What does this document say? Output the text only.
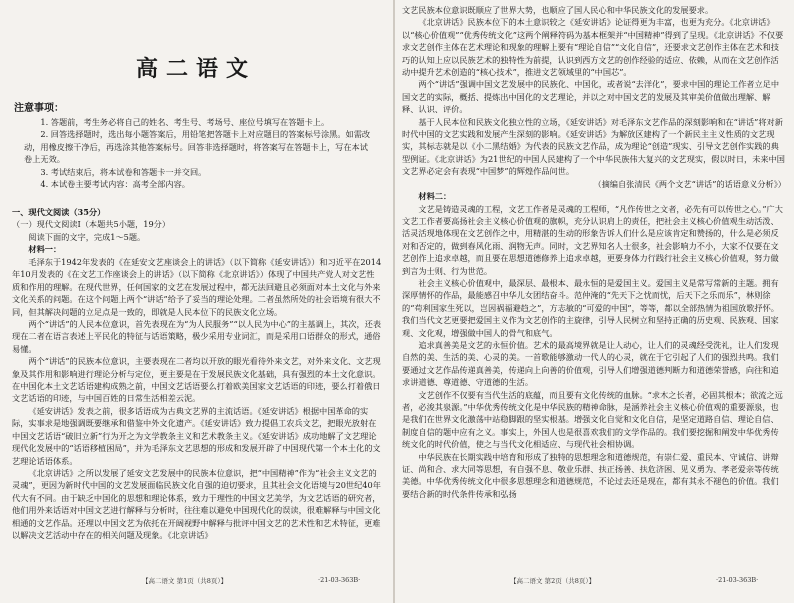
高二语文
注意事项：

1. 答题前，考生务必将自己的姓名、考生号、考场号、座位号填写在答题卡上。

2. 回答选择题时，选出每小题答案后，用铅笔把答题卡上对应题目的答案标号涂黑。如需改动，用橡皮擦干净后，再选涂其他答案标号。回答非选择题时，将答案写在答题卡上，写在本试卷上无效。

3. 考试结束后，将本试卷和答题卡一并交回。

4. 本试卷主要考试内容：高考全部内容。

一、现代文阅读（35分）

（一）现代文阅读Ⅰ（本题共5小题，19分）

阅读下面的文字，完成1～5题。

材料一：

毛泽东于1942年发表的《在延安文艺座谈会上的讲话》（以下简称《延安讲话》）和习近平在2014年10月发表的《在文艺工作座谈会上的讲话》（以下简称《北京讲话》）体现了中国共产党人对文艺性质和作用的理解。在现代世界，任何国家的文艺在发展过程中，都无法回避且必须面对本土文化与外来文化关系的问题。在这个问题上两个“讲话”给予了妥当的理论处理。二者虽然所处的社会语境有很大不同，但其解决问题的立足点是一致的，即就是人民本位下的民族文化立场。

两个“讲话”的人民本位意识，首先表现在为“为人民服务”“以人民为中心”的主基调上，其次，还表现在二者在语言表述上平民化的特征与话语策略，极少采用专业词汇，而是采用口语群众的形式，通俗易懂。

两个“讲话”的民族本位意识，主要表现在二者均以开放的眼光看待外来文艺，对外来文化、文艺现象及其作用和影响进行理论分析与定位，更主要是在于发展民族文化基础，具有强烈的本土文化意识。在中国化本土文艺话语建构成熟之前，中国文艺话语要么打着欧美国家文艺话语的印迹，要么打着俄日文艺话语的印迹，与中国百姓的日常生活相差云泥。

《延安讲话》发表之前，很多话语成为古典文艺界的主流话语。《延安讲话》根据中国革命的实际，实事求是地强调既要继承和借鉴中外文化遗产。《延安讲话》致力提倡工农兵文艺，把眼光放射在中国文艺话语“破旧立新”行为开之为文学教条主义和艺术教条主义。《延安讲话》成功地解了文艺理论现代化发展中的“话语移植困局”，并为毛泽东文艺思想的形成和发展开辟了中国现代第一个本土化的文艺理论话语体系。

《北京讲话》之所以发展了延安文艺发展中的民族本位意识，把“中国精神”作为“社会主义文艺的灵魂”，更因为新时代中国的文艺发展面临民族文化自强的迫切要求，且其社会文化语境与20世纪40年代大有不同。由于缺乏中国化的思想和理论体系，致力于理性的中国文艺美学，为文艺话语的研究者，他们用外来话语对中国文艺进行解释与分析时，往往难以避免中国现代化的误读，很难解释与中国文化相通的文艺作品。还理以中国文艺为依托在开阔视野中解释与批评中国文艺的艺术性和艺术特征，更难以解决文艺活动中存在的相关问题及现象。《北京讲话》

【高二语文 第1页（共8页）】	·21-03-363B·

文艺民族本位意识既顺应了世界大势，也顺应了国人民心和中华民族文化的发展要求。

《北京讲话》民族本位下的本土意识较之《延安讲话》论证得更为丰富，也更为充分。《北京讲话》以“核心价值观”“优秀传统文化”这两个阐释符码为基本框架并“中国精神”得到了呈现。《北京讲话》不仅要求文艺创作主体在艺术理论和现象的理解上要有“理论自信”“文化自信”，还要求文艺创作主体在艺术和技巧的认知上应以民族艺术的独特性为前提，认识到西方文艺的创作经验的适应、依赖，从而在文艺创作活动中提升艺术创造的“核心技术”，推进文艺领域里的“中国芯”。

两个“讲话”强调中国文艺发展中的民族化、中国化，或者说“去洋化”，要求中国的理论工作者立足中国文艺的实际，概括、提炼出中国化的文艺理论，并以之对中国文艺的发展及其审美价值做出理解、解释、认识、评价。

基于人民本位和民族文化独立性的立场，《延安讲话》对毛泽东文艺作品的深刻影响和在“讲话”将对新时代中国的文艺实践和发展产生深刻的影响。《延安讲话》为解放区建构了一个新民主主义性质的文艺现实，其标志就是以《小二黑结婚》为代表的民族文艺作品，成为理论“创造”现实、引导文艺创作实践的典型例证。《北京讲话》为21世纪的中国人民建构了一个中华民族伟大复兴的文艺现实，假以时日，未来中国文艺界必定会有表现“中国梦”的辉煌作品问世。

（摘编自张清民《两个文艺“讲话”的话语意义分析》）

材料二：

文艺是铸造灵魂的工程，文艺工作者是灵魂的工程师，“凡作传世之文者，必先有可以传世之心。”广大文艺工作者要高扬社会主义核心价值观的旗帜，充分认识肩上的责任，把社会主义核心价值观生动活泼、活灵活现地体现在文艺创作之中，用精湛的生动的形象告诉人们什么是应该肯定和赞扬的，什么是必须反对和否定的，做到春风化雨、润物无声。同时，文艺界知名人士很多，社会影响力不小，大家不仅要在文艺创作上追求卓越，而且要在思想道德修养上追求卓越，更要身体力行践行社会主义核心价值观，努力做到言为士则、行为世范。

社会主义核心价值观中，最深层、最根本、最永恒的是爱国主义。爱国主义是常写常新的主题。拥有深厚情怀的作品，最能感召中华儿女团结奋斗。范仲淹的“先天下之忧而忧，后天下之乐而乐”，林则徐的“苟利国家生死以，岂因祸福避趋之”，方志敏的“可爱的中国”，等等，都以全部热情为祖国放歌抒怀。我们当代文艺更要把爱国主义作为文艺创作的主旋律，引导人民树立和坚持正确的历史观、民族观、国家观、文化观，增强做中国人的骨气和底气。

追求真善美是文艺的永恒价值。艺术的最高境界就是让人动心，让人们的灵魂经受洗礼，让人们发现自然的美、生活的美、心灵的美。一首歌能够激动一代人的心灵，就在于它引起了人们的强烈共鸣。我们要通过文艺作品传递真善美，传递向上向善的价值观，引导人们增强道德判断力和道德荣誉感，向往和追求讲道德、尊道德、守道德的生活。

文艺创作不仅要有当代生活的底蕴，而且要有文化传统的血脉。“求木之长者，必固其根本；欲流之远者，必浚其泉源。”中华优秀传统文化是中华民族的精神命脉，是涵养社会主义核心价值观的重要源泉，也是我们在世界文化激荡中站稳脚跟的坚实根基。增强文化自觉和文化自信，是坚定道路自信、理论自信、制度自信的题中应有之义。事实上，外国人也是很喜欢我们的文学作品的。我们要挖掘和阐发中华优秀传统文化的时代价值，使之与当代文化相适应、与现代社会相协调。

中华民族在长期实践中培育和形成了独特的思想理念和道德规范，有崇仁爱、重民本、守诚信、讲辩证、尚和合、求大同等思想，有自强不息、敬业乐群、扶正扬善、扶危济困、见义勇为、孝老爱亲等传统美德。中华优秀传统文化中很多思想理念和道德规范，不论过去还是现在，都有其永不褪色的价值。我们要结合新的时代条件传承和弘扬

【高二语文 第2页（共8页）】	·21-03-363B·
